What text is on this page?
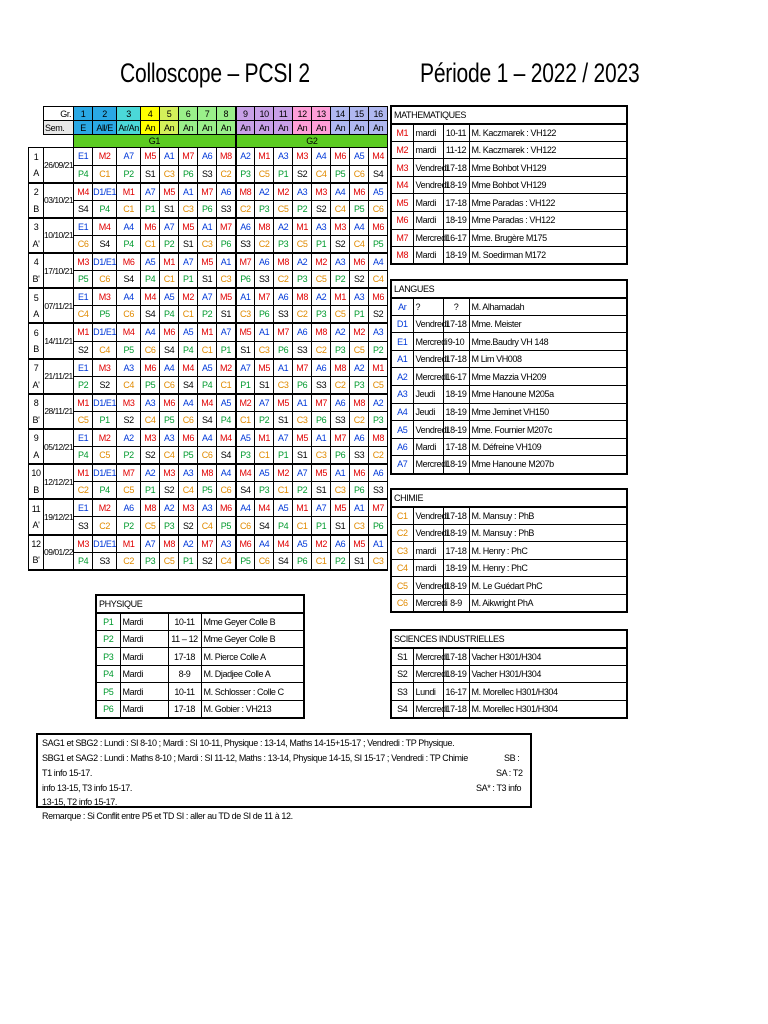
Colloscope – PCSI 2	Période 1 – 2022 / 2023
	Gr.	1	2	3	4	5	6	7	8	9	10	11	12	13	14	15	16
	Sem.	E	All/E	Ar/An	An	An	An	An	An	An	An	An	An	An	An	An	An
		G1								G2							
1	26/09/21	E1	M2	A7	M5	A1	M7	A6	M8	A2	M1	A3	M3	A4	M6	A5	M4
A		P4	C1	P2	S1	C3	P6	S3	C2	P3	C5	P1	S2	C4	P5	C6	S4
2	03/10/21	M4	D1/E1	M1	A7	M5	A1	M7	A6	M8	A2	M2	A3	M3	A4	M6	A5
B		S4	P4	C1	P1	S1	C3	P6	S3	C2	P3	C5	P2	S2	C4	P5	C6
3	10/10/21	E1	M4	A4	M6	A7	M5	A1	M7	A6	M8	A2	M1	A3	M3	A4	M6
A'		C6	S4	P4	C1	P2	S1	C3	P6	S3	C2	P3	C5	P1	S2	C4	P5
4	17/10/21	M3	D1/E1	M6	A5	M1	A7	M5	A1	M7	A6	M8	A2	M2	A3	M6	A4
B'		P5	C6	S4	P4	C1	P1	S1	C3	P6	S3	C2	P3	C5	P2	S2	C4
5	07/11/21	E1	M3	A4	M4	A5	M2	A7	M5	A1	M7	A6	M8	A2	M1	A3	M6
A		C4	P5	C6	S4	P4	C1	P2	S1	C3	P6	S3	C2	P3	C5	P1	S2
6	14/11/21	M1	D1/E1	M4	A4	M6	A5	M1	A7	M5	A1	M7	A6	M8	A2	M2	A3
B		S2	C4	P5	C6	S4	P4	C1	P1	S1	C3	P6	S3	C2	P3	C5	P2
7	21/11/21	E1	M3	A3	M6	A4	M4	A5	M2	A7	M5	A1	M7	A6	M8	A2	M1
A'		P2	S2	C4	P5	C6	S4	P4	C1	P1	S1	C3	P6	S3	C2	P3	C5
8	28/11/21	M1	D1/E1	M3	A3	M6	A4	M4	A5	M2	A7	M5	A1	M7	A6	M8	A2
B'		C5	P1	S2	C4	P5	C6	S4	P4	C1	P2	S1	C3	P6	S3	C2	P3
9	05/12/21	E1	M2	A2	M3	A3	M6	A4	M4	A5	M1	A7	M5	A1	M7	A6	M8
A		P4	C5	P2	S2	C4	P5	C6	S4	P3	C1	P1	S1	C3	P6	S3	C2
10	12/12/21	M1	D1/E1	M7	A2	M3	A3	M8	A4	M4	A5	M2	A7	M5	A1	M6	A6
B		C2	P4	C5	P1	S2	C4	P5	C6	S4	P3	C1	P2	S1	C3	P6	S3
11	19/12/21	E1	M2	A6	M8	A2	M3	A3	M6	A4	M4	A5	M1	A7	M5	A1	M7
A'		S3	C2	P2	C5	P3	S2	C4	P5	C6	S4	P4	C1	P1	S1	C3	P6
12	09/01/22	M3	D1/E1	M1	A7	M8	A2	M7	A3	M6	A4	M4	A5	M2	A6	M5	A1
B'		P4	S3	C2	P3	C5	P1	S2	C4	P5	C6	S4	P6	C1	P2	S1	C3
MATHEMATIQUES			
M1	mardi	10-11	M. Kaczmarek : VH122
M2	mardi	11-12	M. Kaczmarek : VH122
M3	Vendredi	17-18	Mme Bohbot VH129
M4	Vendredi	18-19	Mme Bohbot VH129
M5	Mardi	17-18	Mme Paradas : VH122
M6	Mardi	18-19	Mme Paradas : VH122
M7	Mercredi	16-17	Mme. Brugère M175
M8	Mardi	18-19	M. Soedirman M172
LANGUES			
Ar	?	?	M. Alhamadah
D1	Vendredi	17-18	Mme. Meister
E1	Mercredi	9-10	Mme.Baudry VH 148
A1	Vendredi	17-18	M Lim VH008
A2	Mercredi	16-17	Mme Mazzia VH209
A3	Jeudi	18-19	Mme Hanoune M205a
A4	Jeudi	18-19	Mme Jeminet VH150
A5	Vendredi	18-19	Mme. Fournier M207c
A6	Mardi	17-18	M. Défreine VH109
A7	Mercredi	18-19	Mme Hanoune M207b
CHIMIE			
C1	Vendredi	17-18	M. Mansuy : PhB
C2	Vendredi	18-19	M. Mansuy : PhB
C3	mardi	17-18	M. Henry : PhC
C4	mardi	18-19	M. Henry : PhC
C5	Vendredi	18-19	M. Le Guédart PhC
C6	Mercredi	8-9	M. Aikwright PhA
SCIENCES INDUSTRIELLES			
S1	Mercredi	17-18	Vacher H301/H304
S2	Mercredi	18-19	Vacher H301/H304
S3	Lundi	16-17	M. Morellec H301/H304
S4	Mercredi	17-18	M. Morellec H301/H304
PHYSIQUE			
P1	Mardi	10-11	Mme Geyer Colle B
P2	Mardi	11 – 12	Mme Geyer Colle B
P3	Mardi	17-18	M. Pierce Colle A
P4	Mardi	8-9	M. Djadjee Colle A
P5	Mardi	10-11	M. Schlosser : Colle C
P6	Mardi	17-18	M. Gobier : VH213
SAG1 et SBG2 : Lundi : SI 8-10 ; Mardi : SI 10-11, Physique : 13-14, Maths 14-15+15-17 ; Vendredi : TP Physique.
SBG1 et SAG2 : Lundi : Maths 8-10 ; Mardi : SI 11-12, Maths : 13-14, Physique 14-15, SI 15-17 ; Vendredi : TP Chimie	SB :
T1 info 15-17.	SA : T2
info 13-15, T3 info 15-17.	SA* : T3 info
13-15, T2 info 15-17.
Remarque : Si Conflit entre P5 et TD SI : aller au TD de SI de 11 à 12.
